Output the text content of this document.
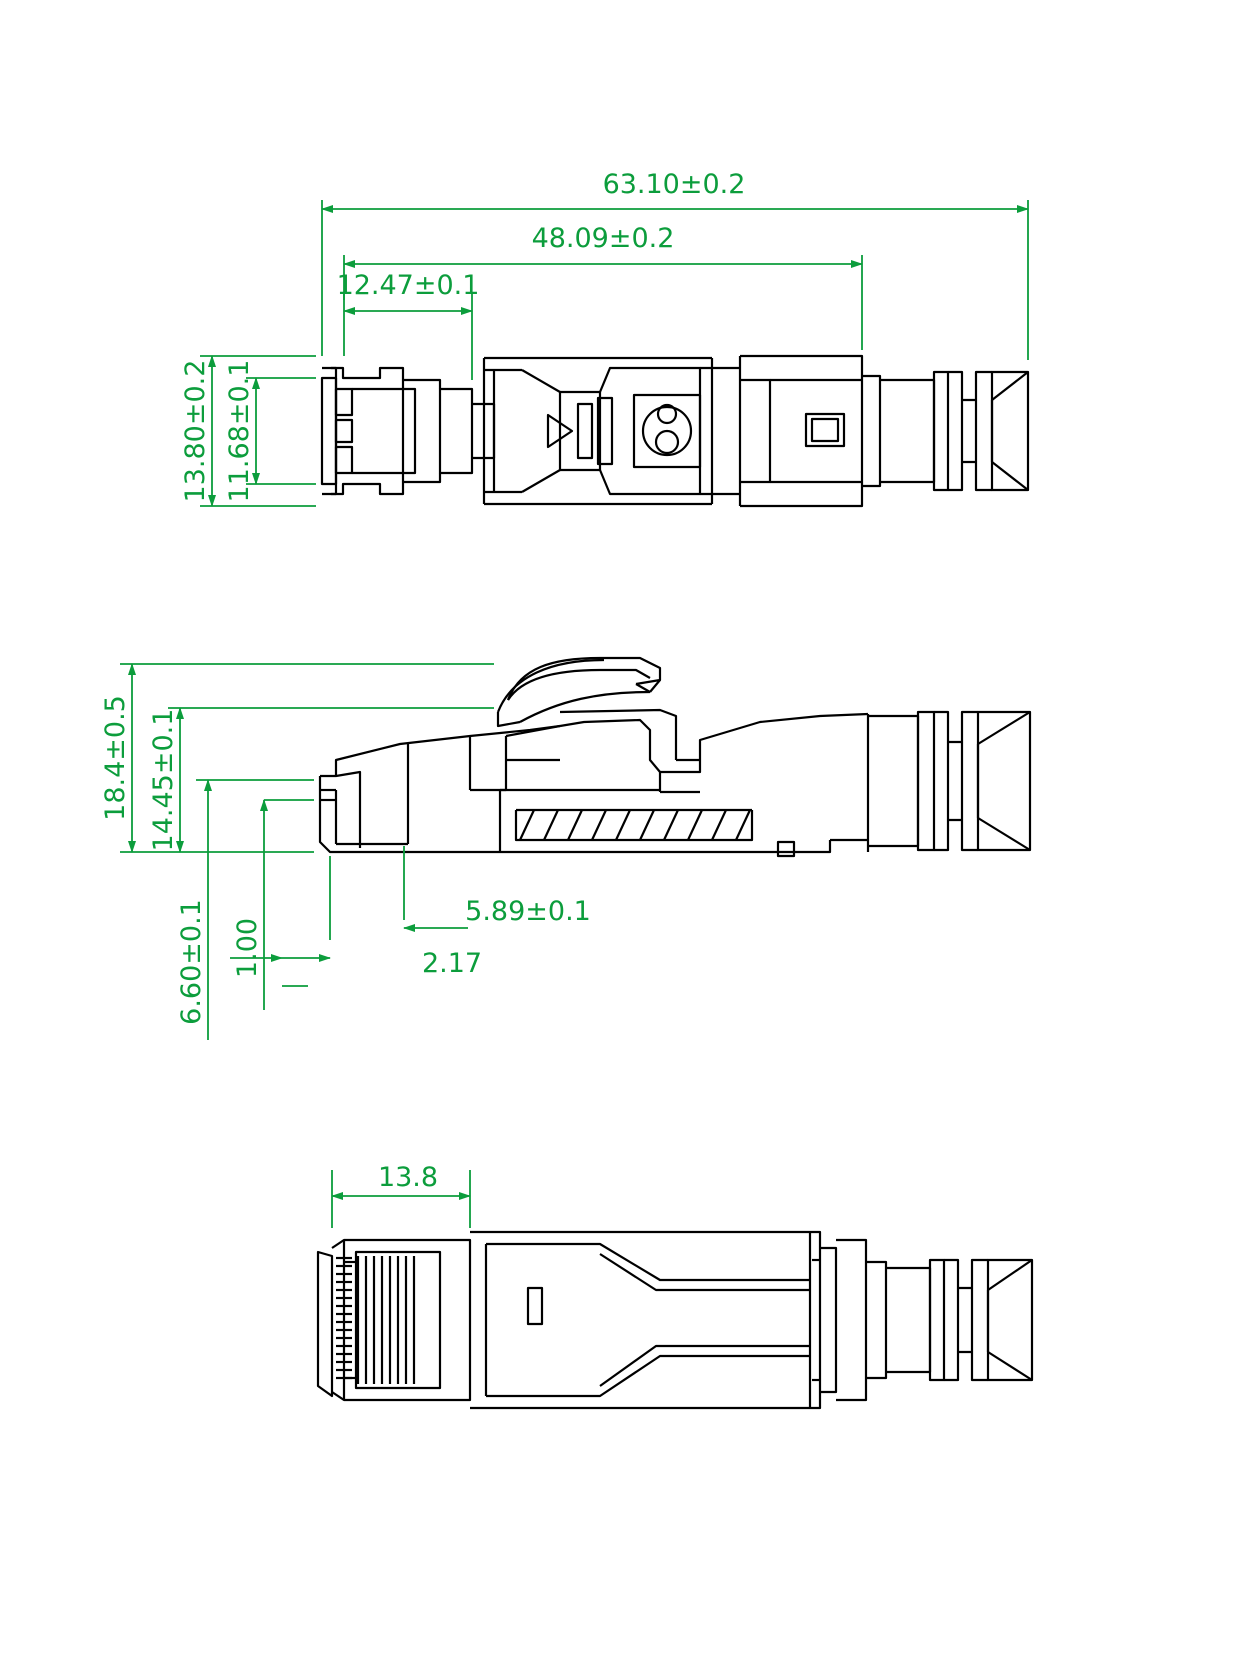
63.10±0.2
48.09±0.2
12.47±0.1
13.80±0.2 11.68±0.1
18.4±0.5 14.45±0.1
6.60±0.1 1.00
5.89±0.1
2.17
13.8
